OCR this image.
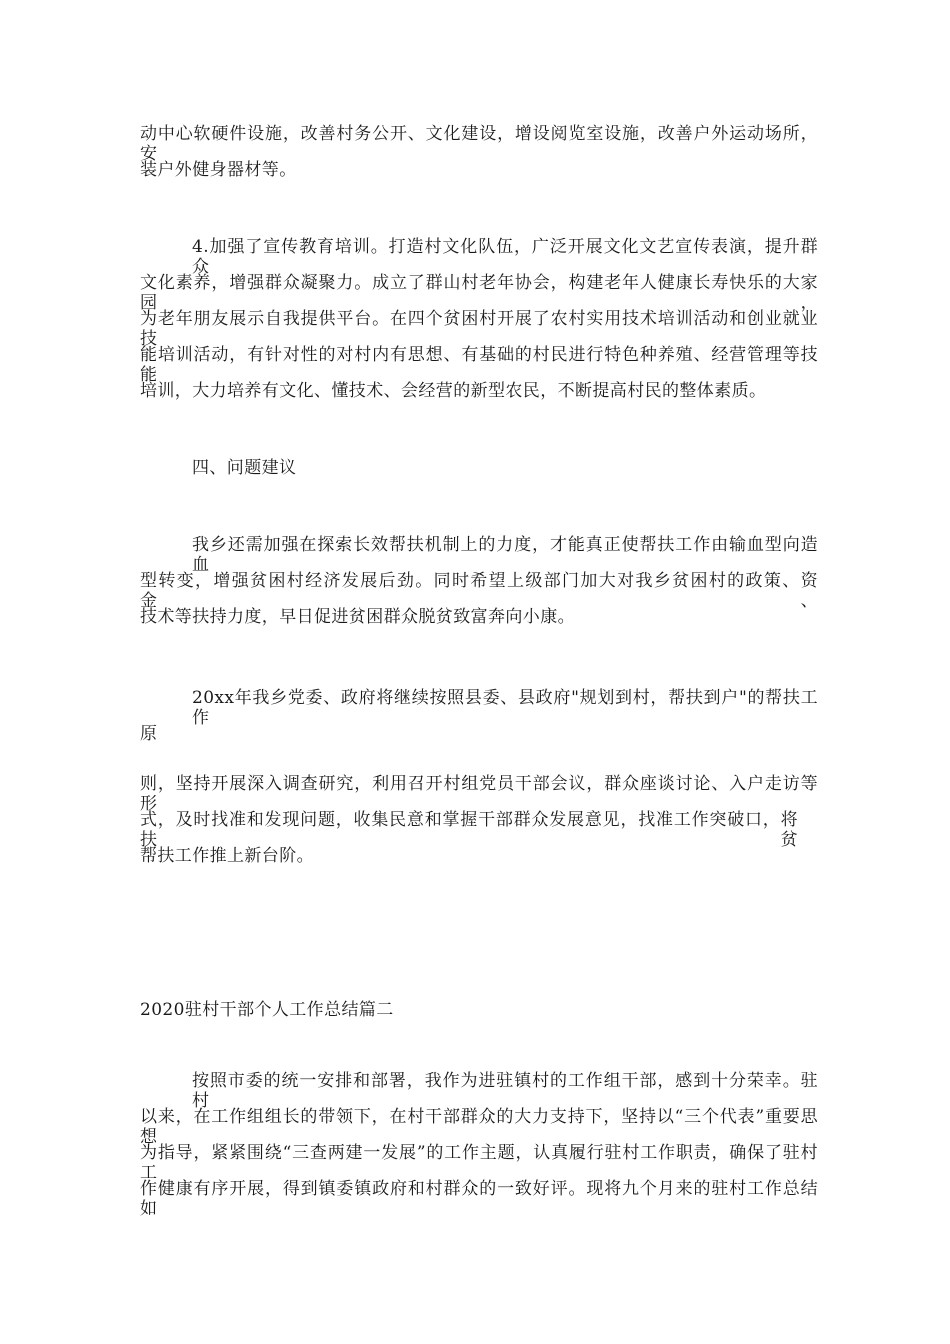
动中心软硬件设施，改善村务公开、文化建设，增设阅览室设施，改善户外运动场所，安
装户外健身器材等。
4.加强了宣传教育培训。打造村文化队伍，广泛开展文化文艺宣传表演，提升群众
文化素养，增强群众凝聚力。成立了群山村老年协会，构建老年人健康长寿快乐的大家园，
为老年朋友展示自我提供平台。在四个贫困村开展了农村实用技术培训活动和创业就业技
能培训活动，有针对性的对村内有思想、有基础的村民进行特色种养殖、经营管理等技能
培训，大力培养有文化、懂技术、会经营的新型农民，不断提高村民的整体素质。
四、问题建议
我乡还需加强在探索长效帮扶机制上的力度，才能真正使帮扶工作由输血型向造血
型转变，增强贫困村经济发展后劲。同时希望上级部门加大对我乡贫困村的政策、资金、
技术等扶持力度，早日促进贫困群众脱贫致富奔向小康。
20xx年我乡党委、政府将继续按照县委、县政府"规划到村，帮扶到户"的帮扶工作
原
则，坚持开展深入调查研究，利用召开村组党员干部会议，群众座谈讨论、入户走访等形
式，及时找准和发现问题，收集民意和掌握干部群众发展意见，找准工作突破口，将扶贫
帮扶工作推上新台阶。
2020驻村干部个人工作总结篇二
按照市委的统一安排和部署，我作为进驻镇村的工作组干部，感到十分荣幸。驻村
以来，在工作组组长的带领下，在村干部群众的大力支持下，坚持以“三个代表”重要思想
为指导，紧紧围绕“三查两建一发展”的工作主题，认真履行驻村工作职责，确保了驻村工
作健康有序开展，得到镇委镇政府和村群众的一致好评。现将九个月来的驻村工作总结如
